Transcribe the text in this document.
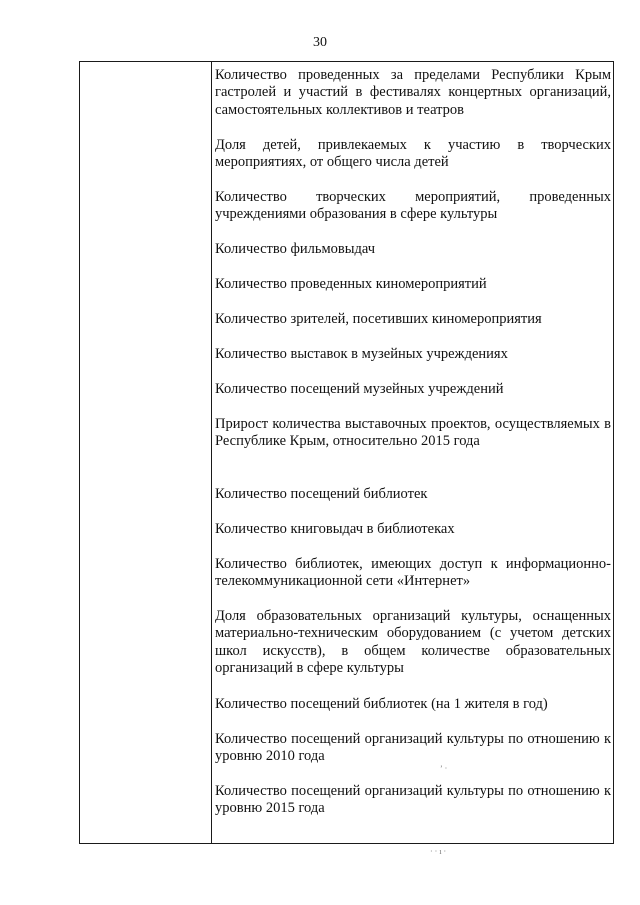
30

Количество проведенных за пределами Республики Крым гастролей и участий в фестивалях концертных организаций, самостоятельных коллективов и театров

Доля детей, привлекаемых к участию в творческих мероприятиях, от общего числа детей

Количество творческих мероприятий, проведенных учреждениями образования в сфере культуры

Количество фильмовыдач

Количество проведенных киномероприятий

Количество зрителей, посетивших киномероприятия

Количество выставок в музейных учреждениях

Количество посещений музейных учреждений

Прирост количества выставочных проектов, осуществляемых в Республике Крым, относительно 2015 года

Количество посещений библиотек

Количество книговыдач в библиотеках

Количество библиотек, имеющих доступ к информационно-телекоммуникационной сети «Интернет»

Доля образовательных организаций культуры, оснащенных материально-техническим оборудованием (с учетом детских школ искусств), в общем количестве образовательных организаций в сфере культуры

Количество посещений библиотек (на 1 жителя в год)

Количество посещений организаций культуры по отношению к уровню 2010 года

Количество посещений организаций культуры по отношению к уровню 2015 года

ʼ ·
· · ı ·
